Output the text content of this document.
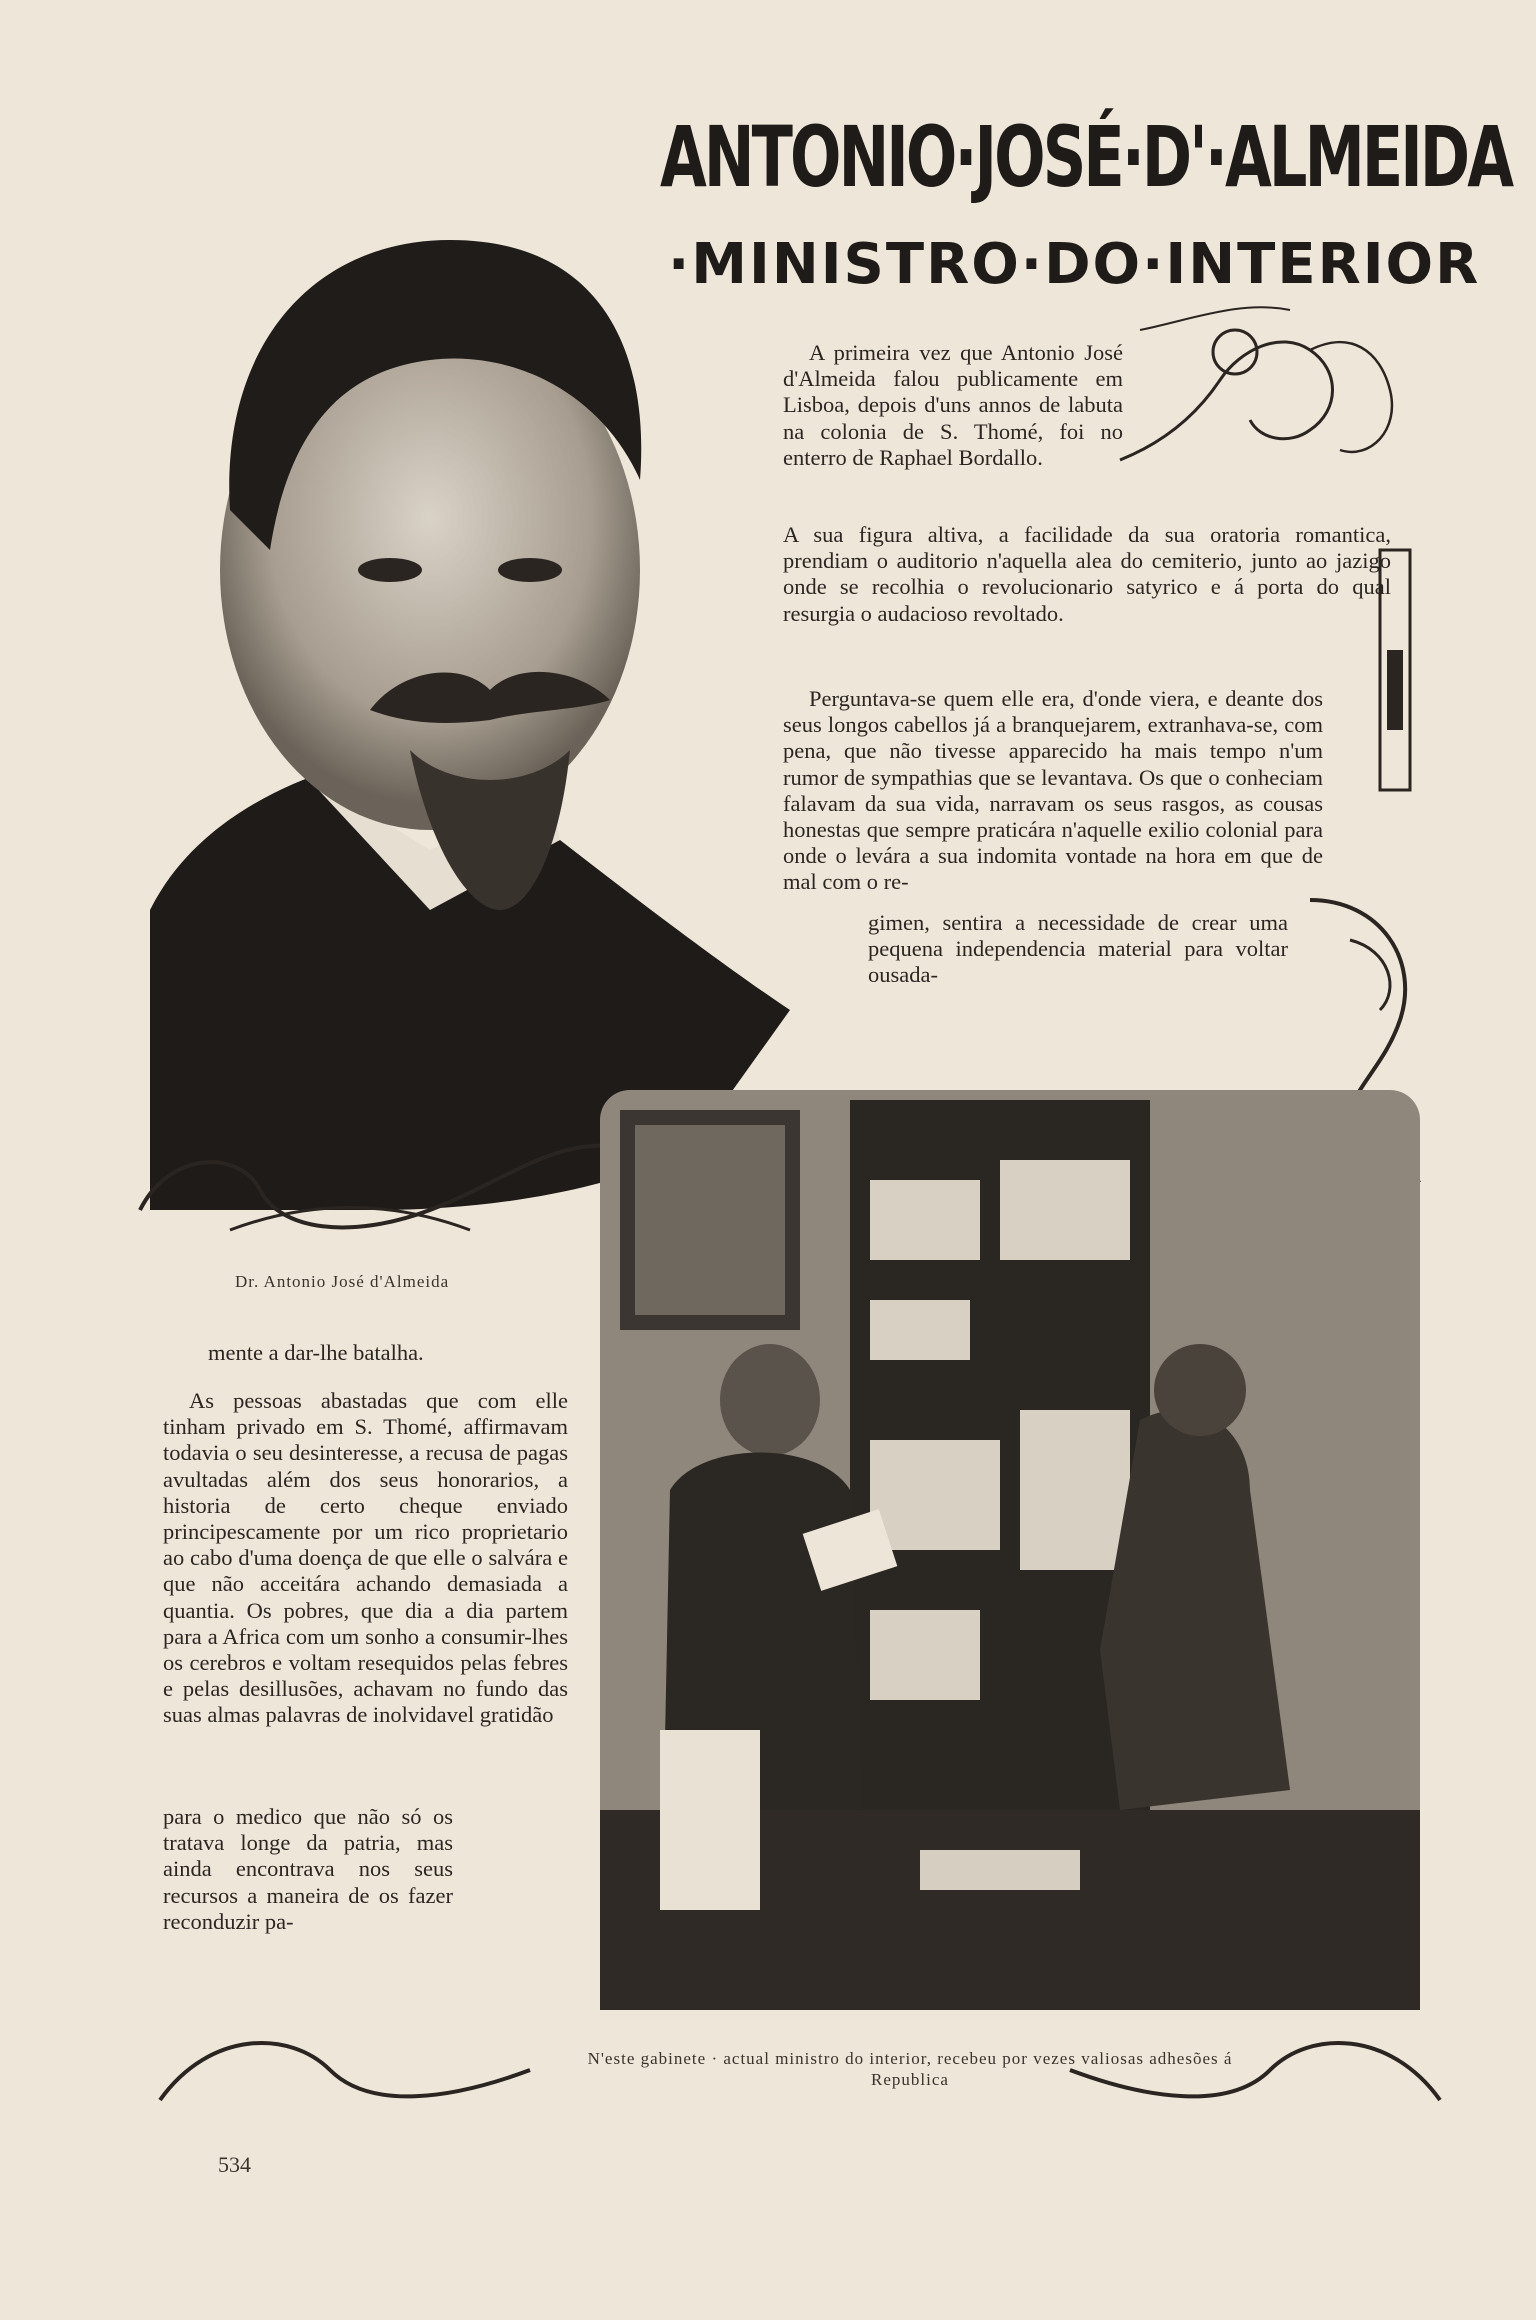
ANTONIO·JOSÉ·D'·ALMEIDA
·MINISTRO·DO·INTERIOR
Dr. Antonio José d'Almeida

A primeira vez que Antonio José d'Almeida falou publicamente em Lisboa, depois d'uns annos de labuta na colonia de S. Thomé, foi no enterro de Raphael Bordallo.

A sua figura altiva, a facilidade da sua oratoria romantica, prendiam o auditorio n'aquella alea do cemiterio, junto ao jazigo onde se recolhia o revolucionario satyrico e á porta do qual resurgia o audacioso revoltado.

Perguntava-se quem elle era, d'onde viera, e deante dos seus longos cabellos já a branquejarem, extranhava-se, com pena, que não tivesse apparecido ha mais tempo n'um rumor de sympathias que se levantava. Os que o conheciam falavam da sua vida, narravam os seus rasgos, as cousas honestas que sempre praticára n'aquelle exilio colonial para onde o levára a sua indomita vontade na hora em que de mal com o re-

gimen, sentira a necessidade de crear uma pequena independencia material para voltar ousada-

mente a dar-lhe batalha.

As pessoas abastadas que com elle tinham privado em S. Thomé, affirmavam todavia o seu desinteresse, a recusa de pagas avultadas além dos seus honorarios, a historia de certo cheque enviado principescamente por um rico proprietario ao cabo d'uma doença de que elle o salvára e que não acceitára achando demasiada a quantia. Os pobres, que dia a dia partem para a Africa com um sonho a consumir-lhes os cerebros e voltam resequidos pelas febres e pelas desillusões, achavam no fundo das suas almas palavras de inolvidavel gratidão

para o medico que não só os tratava longe da patria, mas ainda encontrava nos seus recursos a maneira de os fazer reconduzir pa-

N'este gabinete · actual ministro do interior, recebeu por vezes valiosas adhesões á Republica
534
